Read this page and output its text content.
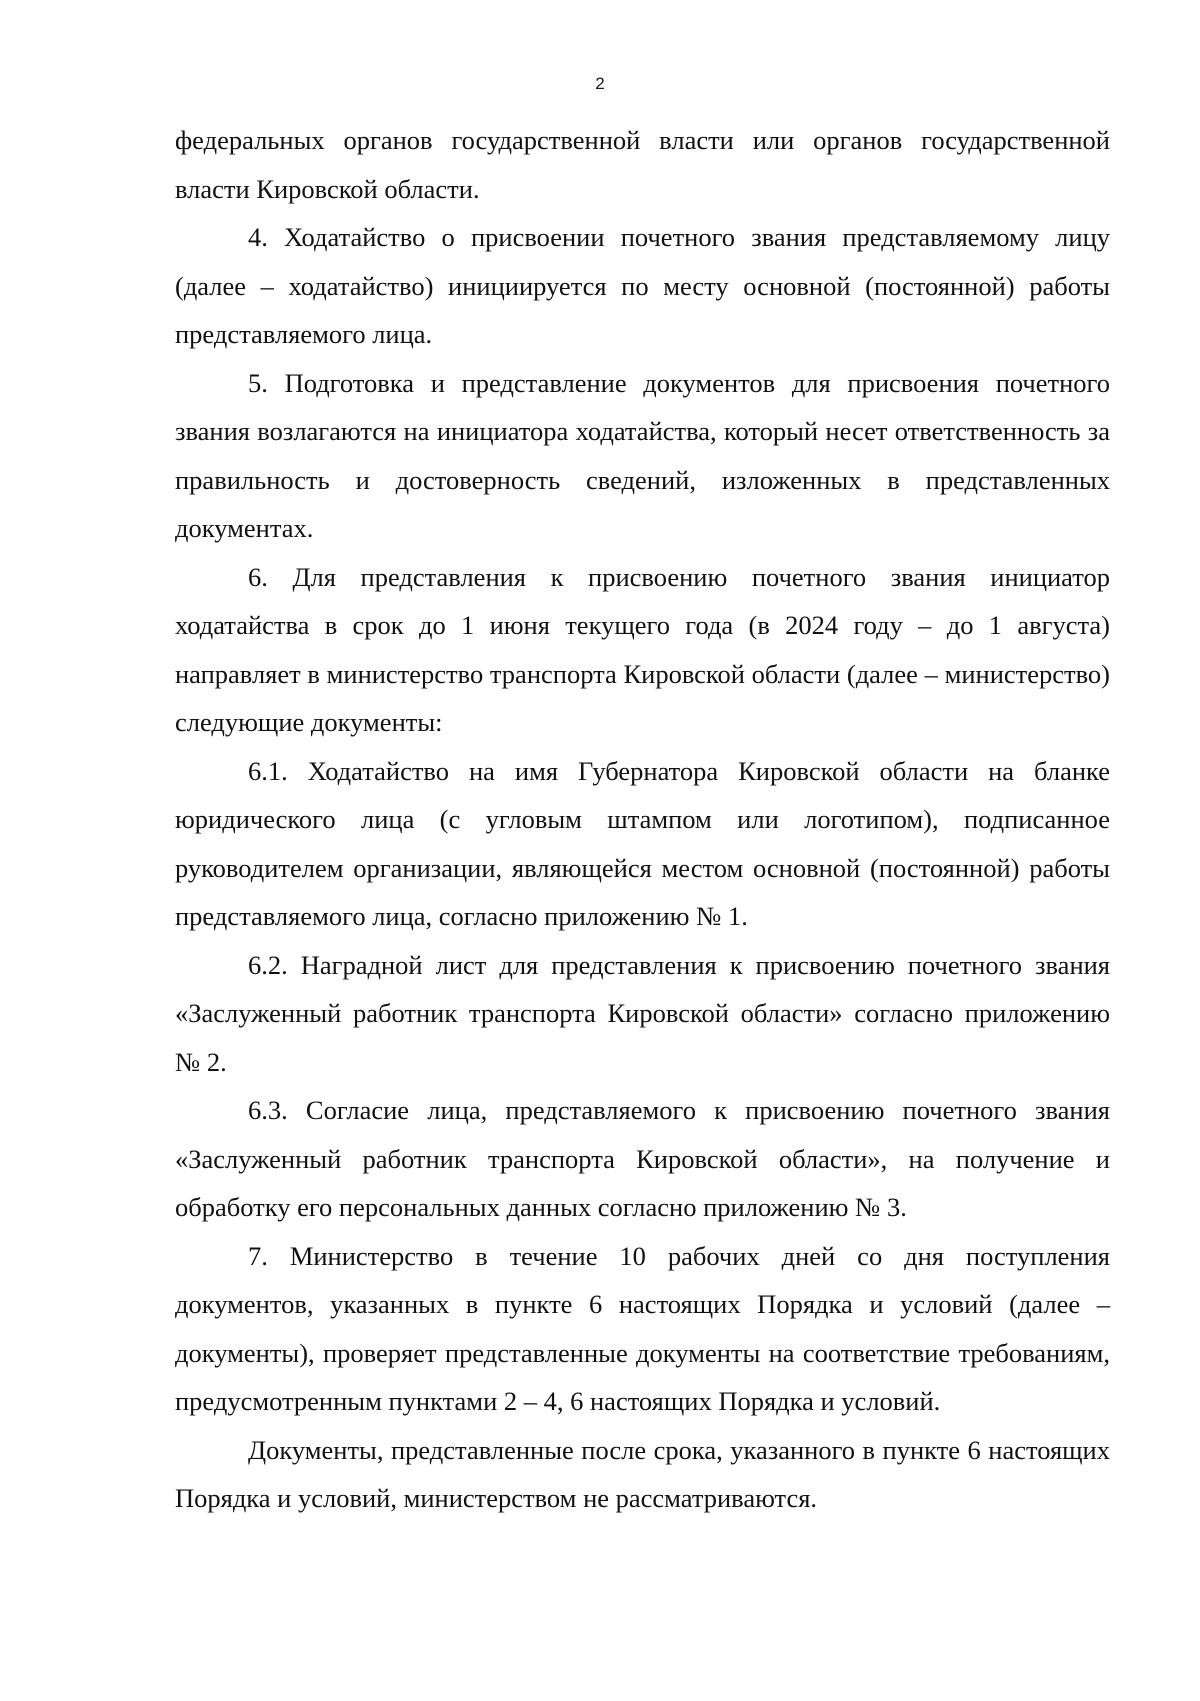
2

федеральных органов государственной власти или органов государственной власти Кировской области.

4. Ходатайство о присвоении почетного звания представляемому лицу (далее – ходатайство) инициируется по месту основной (постоянной) работы представляемого лица.

5. Подготовка и представление документов для присвоения почетного звания возлагаются на инициатора ходатайства, который несет ответственность за правильность и достоверность сведений, изложенных в представленных документах.

6. Для представления к присвоению почетного звания инициатор ходатайства в срок до 1 июня текущего года (в 2024 году – до 1 августа) направляет в министерство транспорта Кировской области (далее – министерство) следующие документы:

6.1. Ходатайство на имя Губернатора Кировской области на бланке юридического лица (с угловым штампом или логотипом), подписанное руководителем организации, являющейся местом основной (постоянной) работы представляемого лица, согласно приложению № 1.

6.2. Наградной лист для представления к присвоению почетного звания «Заслуженный работник транспорта Кировской области» согласно приложению № 2.

6.3. Согласие лица, представляемого к присвоению почетного звания «Заслуженный работник транспорта Кировской области», на получение и обработку его персональных данных согласно приложению № 3.

7. Министерство в течение 10 рабочих дней со дня поступления документов, указанных в пункте 6 настоящих Порядка и условий (далее – документы), проверяет представленные документы на соответствие требованиям, предусмотренным пунктами 2 – 4, 6 настоящих Порядка и условий.

Документы, представленные после срока, указанного в пункте 6 настоящих Порядка и условий, министерством не рассматриваются.
